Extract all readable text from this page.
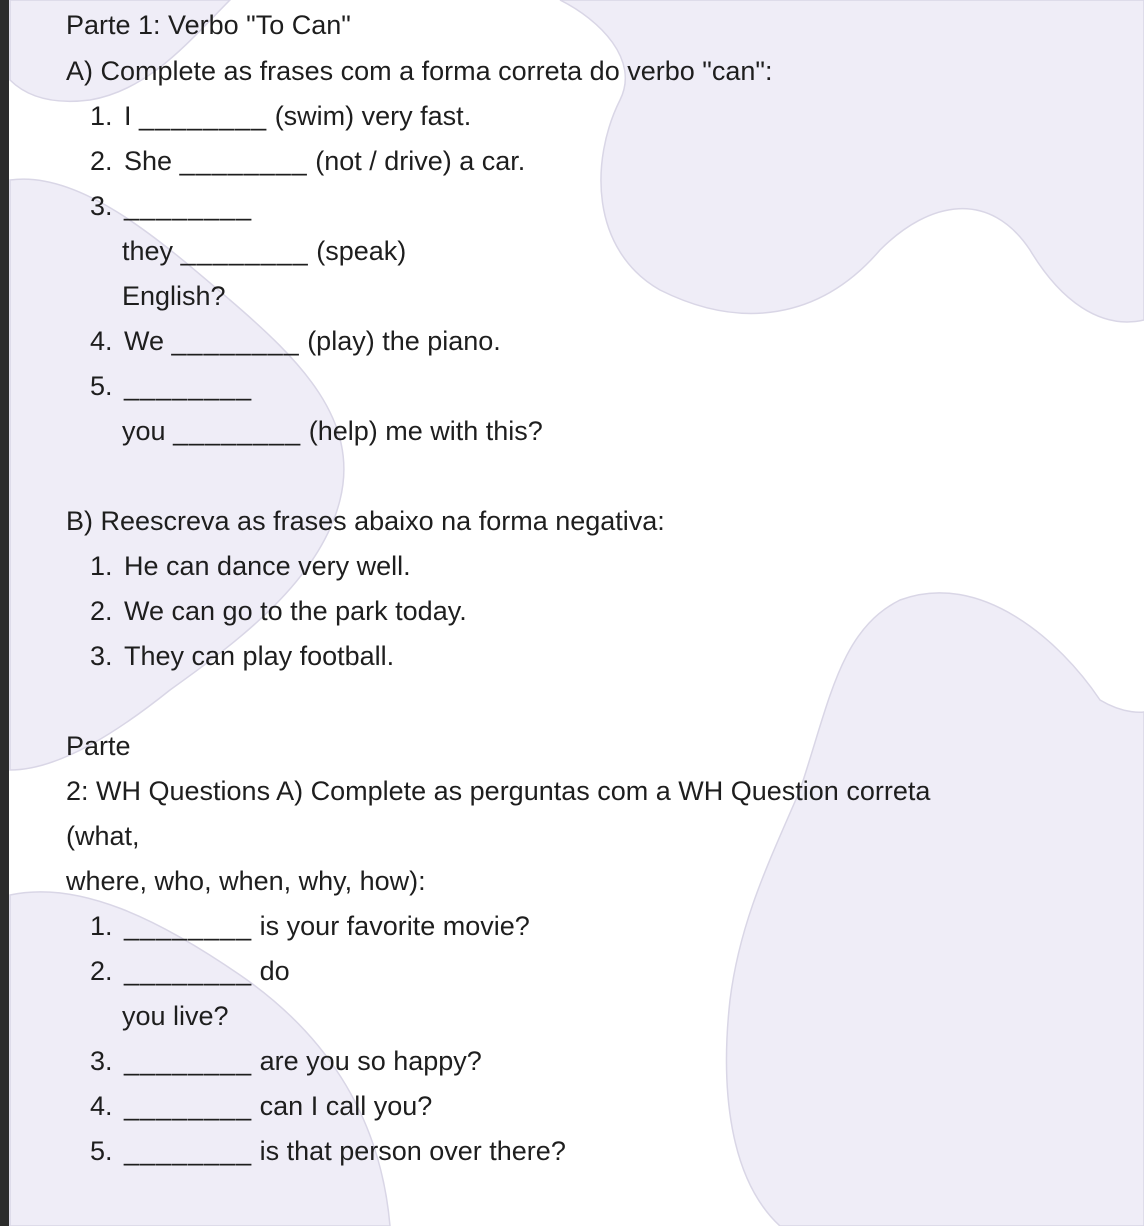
Parte 1: Verbo "To Can"
A) Complete as frases com a forma correta do verbo "can":
1. I ________ (swim) very fast.
2. She ________ (not / drive) a car.
3. ________
they ________ (speak)
English?
4. We ________ (play) the piano.
5. ________
you ________ (help) me with this?
B) Reescreva as frases abaixo na forma negativa:
1. He can dance very well.
2. We can go to the park today.
3. They can play football.
Parte
2: WH Questions A) Complete as perguntas com a WH Question correta
(what,
where, who, when, why, how):
1. ________ is your favorite movie?
2. ________ do
you live?
3. ________ are you so happy?
4. ________ can I call you?
5. ________ is that person over there?
